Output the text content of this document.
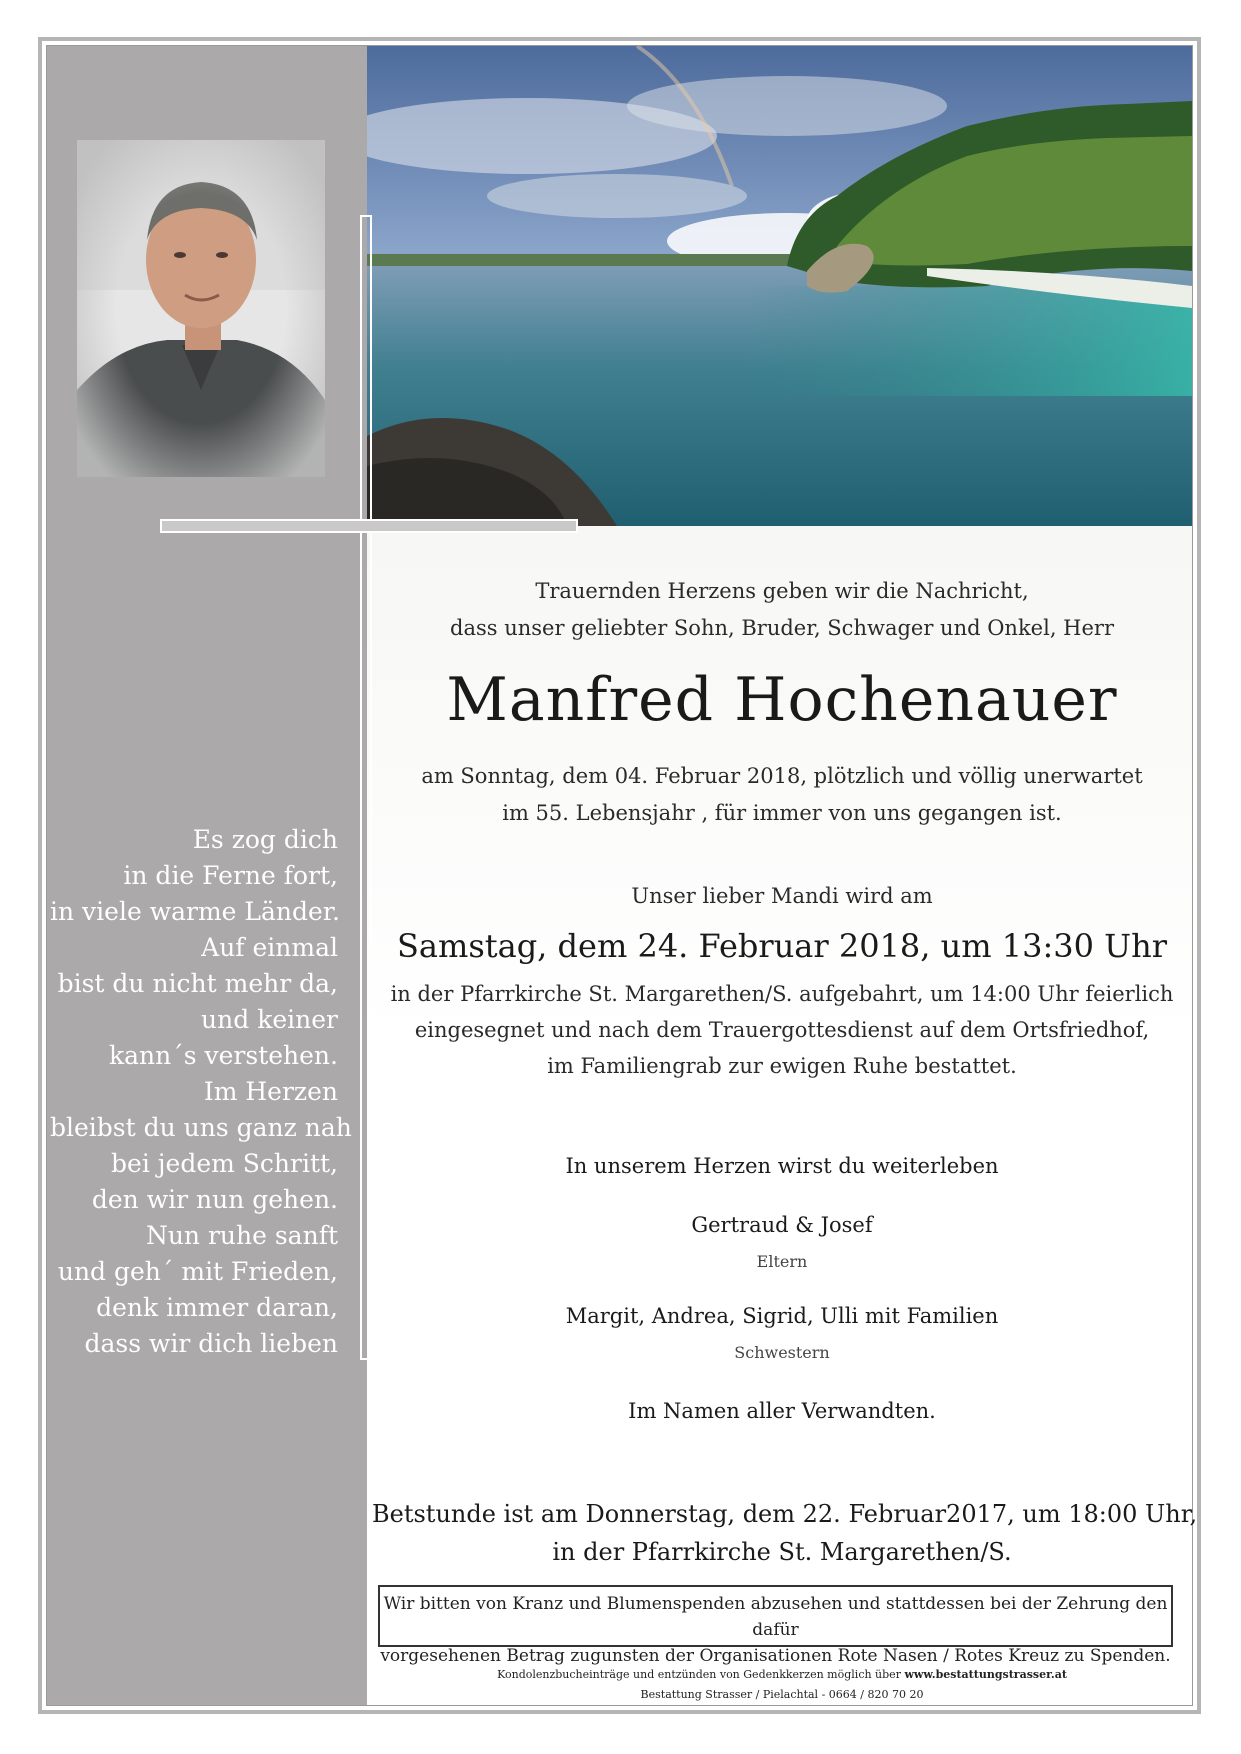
Es zog dich
in die Ferne fort,
in viele warme Länder.
Auf einmal
bist du nicht mehr da,
und keiner
kann´s verstehen.
Im Herzen
bleibst du uns ganz nah
bei jedem Schritt,
den wir nun gehen.
Nun ruhe sanft
und geh´ mit Frieden,
denk immer daran,
dass wir dich lieben
Trauernden Herzens geben wir die Nachricht,
dass unser geliebter Sohn, Bruder, Schwager und Onkel, Herr
Manfred Hochenauer
am Sonntag, dem 04. Februar 2018, plötzlich und völlig unerwartet
im 55. Lebensjahr , für immer von uns gegangen ist.
Unser lieber Mandi wird am
Samstag, dem 24. Februar 2018, um 13:30 Uhr
in der Pfarrkirche St. Margarethen/S. aufgebahrt, um 14:00 Uhr feierlich
eingesegnet und nach dem Trauergottesdienst auf dem Ortsfriedhof,
im Familiengrab zur ewigen Ruhe bestattet.
In unserem Herzen wirst du weiterleben
Gertraud & Josef
Eltern
Margit, Andrea, Sigrid, Ulli mit Familien
Schwestern
Im Namen aller Verwandten.
Betstunde ist am Donnerstag, dem 22. Februar2017, um 18:00 Uhr,
in der Pfarrkirche St. Margarethen/S.
Wir bitten von Kranz und Blumenspenden abzusehen und stattdessen bei der Zehrung den dafür
vorgesehenen Betrag zugunsten der Organisationen Rote Nasen / Rotes Kreuz zu Spenden.
Kondolenzbucheinträge und entzünden von Gedenkkerzen möglich über www.bestattungstrasser.at
Bestattung Strasser / Pielachtal - 0664 / 820 70 20
